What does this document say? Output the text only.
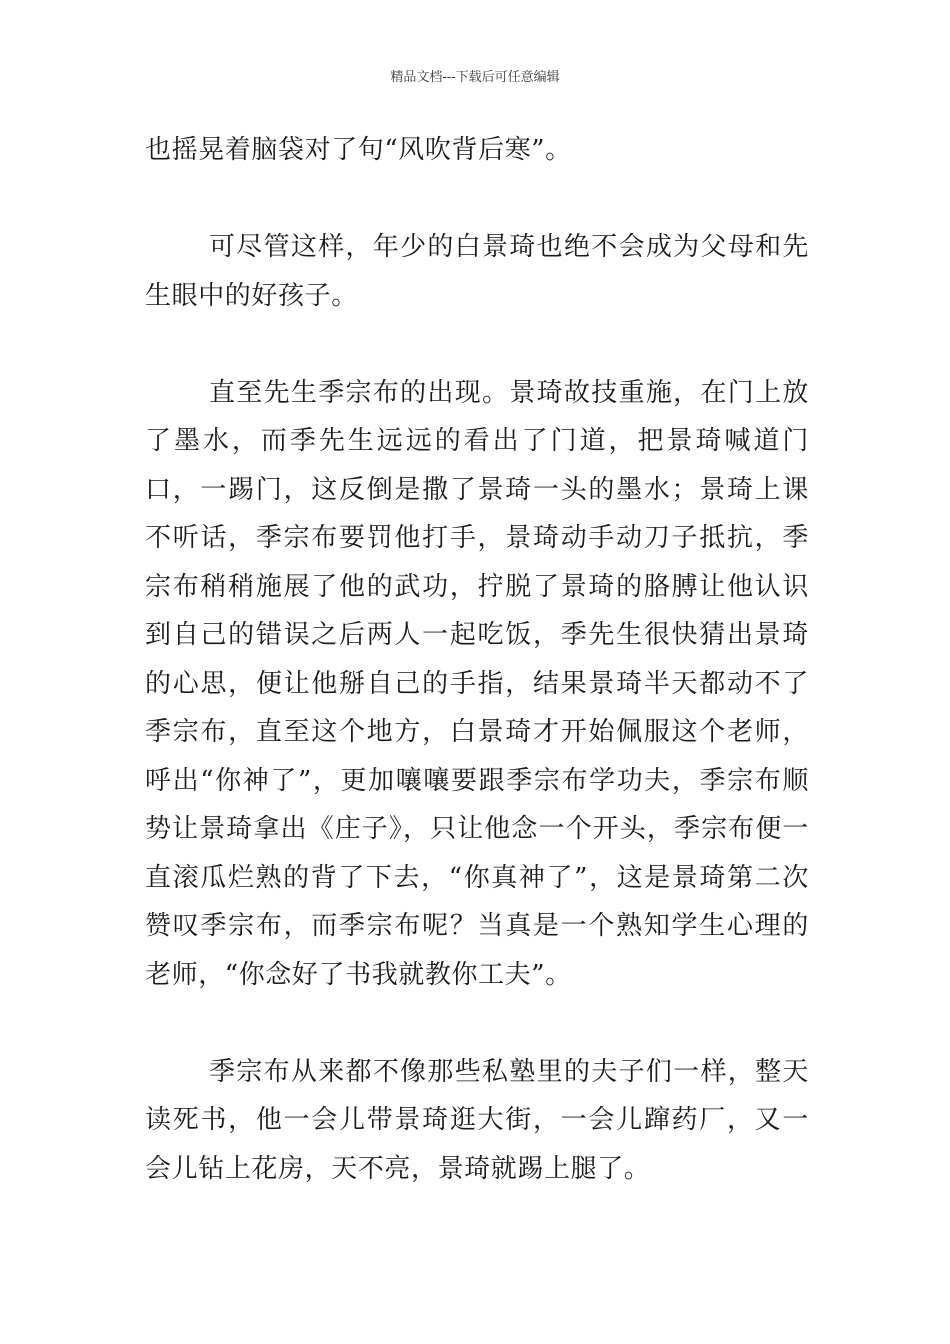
精品文档---下载后可任意编辑

也摇晃着脑袋对了句“风吹背后寒”。

可尽管这样，年少的白景琦也绝不会成为父母和先生眼中的好孩子。

直至先生季宗布的出现。景琦故技重施，在门上放了墨水，而季先生远远的看出了门道，把景琦喊道门口，一踢门，这反倒是撒了景琦一头的墨水；景琦上课不听话，季宗布要罚他打手，景琦动手动刀子抵抗，季宗布稍稍施展了他的武功，拧脱了景琦的胳膊让他认识到自己的错误之后两人一起吃饭，季先生很快猜出景琦的心思，便让他掰自己的手指，结果景琦半天都动不了季宗布，直至这个地方，白景琦才开始佩服这个老师，呼出“你神了”，更加嚷嚷要跟季宗布学功夫，季宗布顺势让景琦拿出《庄子》，只让他念一个开头，季宗布便一直滚瓜烂熟的背了下去，“你真神了”，这是景琦第二次赞叹季宗布，而季宗布呢？当真是一个熟知学生心理的老师，“你念好了书我就教你工夫”。

季宗布从来都不像那些私塾里的夫子们一样，整天读死书，他一会儿带景琦逛大街，一会儿蹿药厂，又一会儿钻上花房，天不亮，景琦就踢上腿了。
